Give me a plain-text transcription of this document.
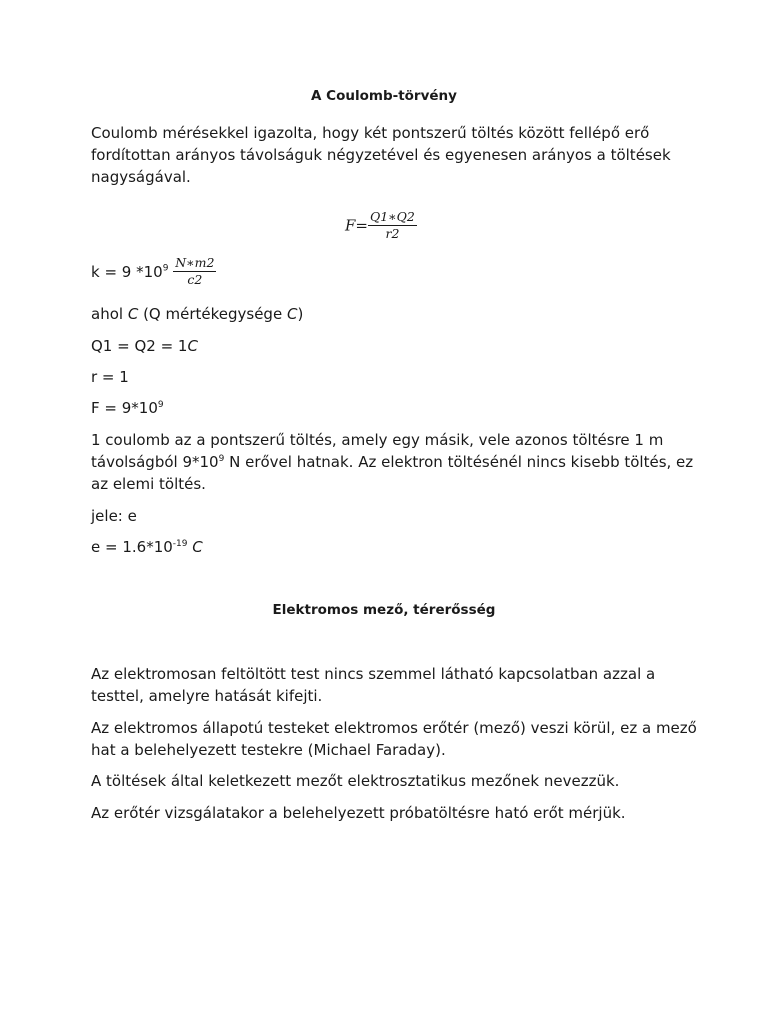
A Coulomb-törvény
Coulomb mérésekkel igazolta, hogy két pontszerű töltés között fellépő erő
fordítottan arányos távolságuk négyzetével és egyenesen arányos a töltések
nagyságával.
$F= \frac{Q1∗Q2}{r2}$
k = 9 $*10^9 \frac{N∗m2}{c2}$
ahol C (Q mértékegysége C)
Q1 = Q2 = 1C
r = 1
$F = 9*10^9$
1 coulomb az a pontszerű töltés, amely egy másik, vele azonos töltésre 1 m
távolságból $9*10^9$ N erővel hatnak. Az elektron töltésénél nincs kisebb töltés, ez
az elemi töltés.
jele: e
$e = 1.6*10^{-19}$ C
Elektromos mező, térerősség
Az elektromosan feltöltött test nincs szemmel látható kapcsolatban azzal a
testtel, amelyre hatását kifejti.
Az elektromos állapotú testeket elektromos erőtér (mező) veszi körül, ez a mező
hat a belehelyezett testekre (Michael Faraday).
A töltések által keletkezett mezőt elektrosztatikus mezőnek nevezzük.
Az erőtér vizsgálatakor a belehelyezett próbatöltésre ható erőt mérjük.
